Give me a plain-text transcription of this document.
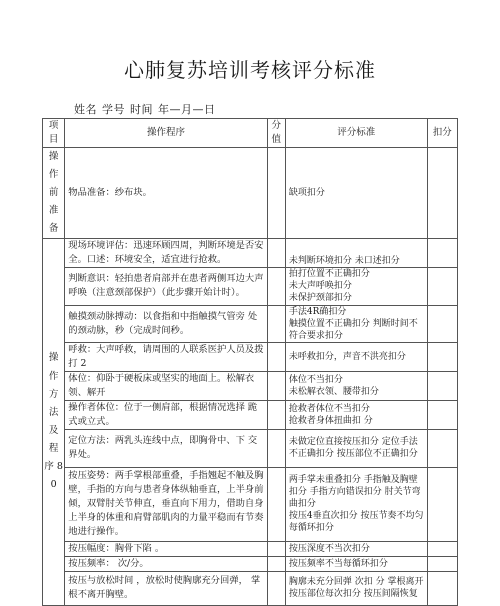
心肺复苏培训考核评分标准
姓名 学号 时间 年—月—日
项 目	操作程序	分 值	评分标准	扣分
操 作 前 准 备	物品准备：纱布块。		缺项扣分	
操 作 方 法 及 程 序 80	现场环境评估：迅速环顾四周，判断环境是否安全。口述：环境安全，适宜进行抢救。		未判断环境扣分 未口述扣分	
	判断意识：轻拍患者肩部并在患者两侧耳边大声呼唤（注意颈部保护）（此步骤开始计时）。		拍打位置不正确扣分
未大声呼唤扣分
未保护颈部扣分	
	触摸颈动脉搏动：以食指和中指触摸气管旁 处的颈动脉，秒（完成时间秒。		手法4R确扣分
触摸位置不正确扣分 判断时间不符合要求扣分	
	呼救：大声呼救，请周围的人联系医护人员及拨打 2		未呼救扣分，声音不洪亮扣分	
	体位：仰卧于硬板床或坚实的地面上。松解衣领、解开		体位不当扣分
未松解衣领、腰带扣分	
	操作者体位：位于一侧肩部，根据情况选择 跪式或立式。		抢救者体位不当扣分
抢救者身体扭曲扣 分	
	定位方法：两乳头连线中点，即胸骨中、下 交界处。		未做定位直接按压扣分 定位手法不正确扣分 按压部位不正确扣分	
	按压姿势：两手掌根部重叠，手指翘起不触及胸壁，手指的方向与患者身体纵轴垂直，上半身前倾，双臂肘关节伸直，垂直向下用力，借助自身上半身的体重和肩臂部肌肉的力量平稳而有节奏地进行操作。		两手掌未重叠扣分 手指触及胸壁扣分 手指方向错误扣分 肘关节弯曲扣分
按压4垂直次扣分 按压节奏不均匀每循环扣分	
	按压幅度：胸骨下陷 。		按压深度不当次扣分	
	按压频率： 次/分。		按压频率不当每循环扣分	
	按压与放松时间 ，放松时使胸廓充分回弹， 掌根不离开胸壁。		胸廓未充分回弹 次扣 分 掌根离开按压部位每次扣分 按压间隔恢复	
